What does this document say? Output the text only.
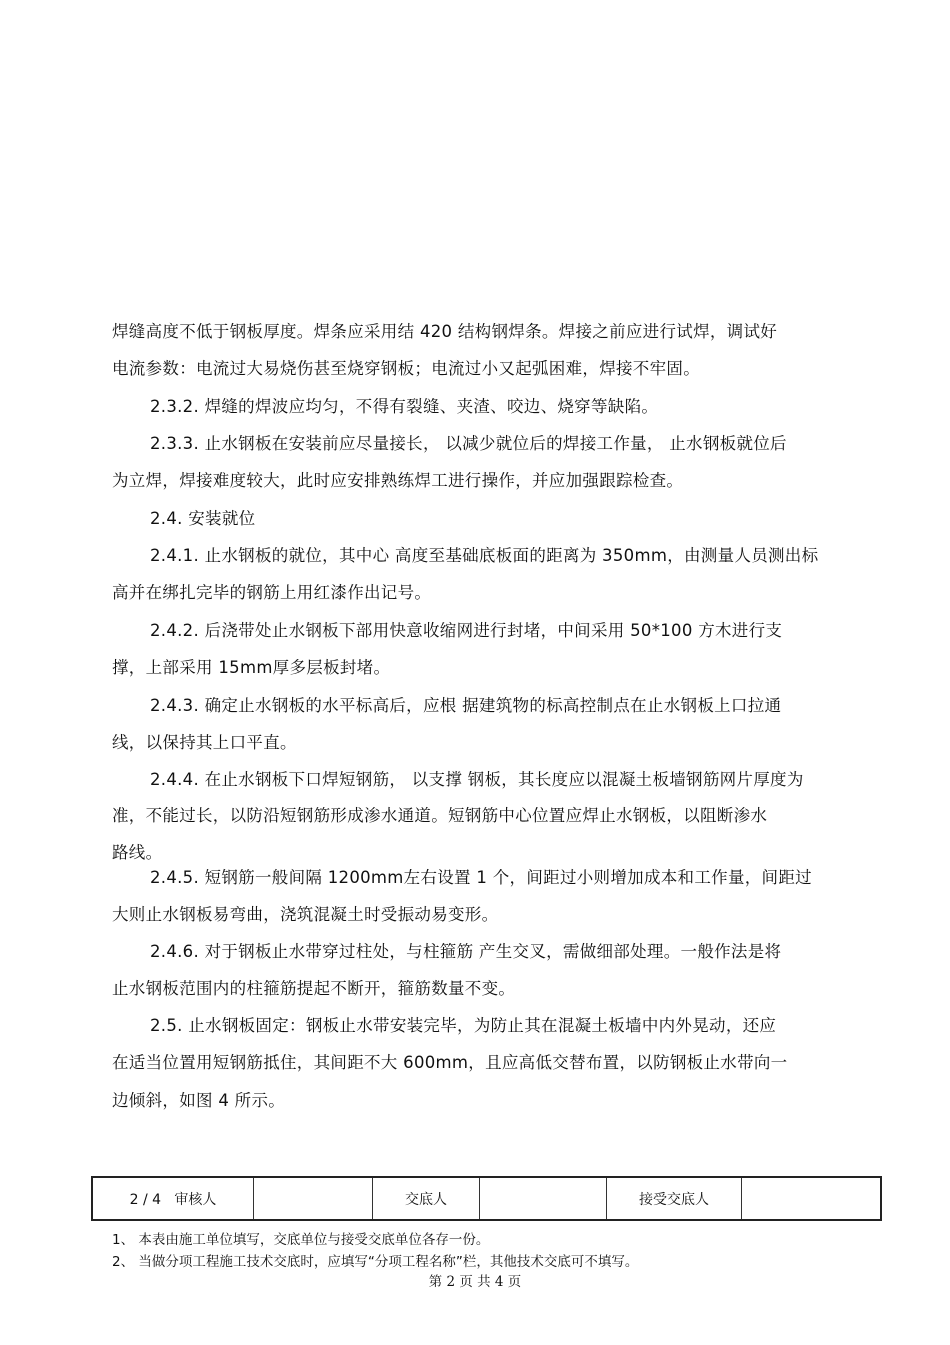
焊缝高度不低于钢板厚度。焊条应采用结 420 结构钢焊条。焊接之前应进行试焊，调试好
电流参数：电流过大易烧伤甚至烧穿钢板；电流过小又起弧困难，焊接不牢固。
2.3.2. 焊缝的焊波应均匀，不得有裂缝、夹渣、咬边、烧穿等缺陷。
2.3.3. 止水钢板在安装前应尽量接长， 以减少就位后的焊接工作量， 止水钢板就位后
为立焊，焊接难度较大，此时应安排熟练焊工进行操作，并应加强跟踪检查。
2.4. 安装就位
2.4.1. 止水钢板的就位，其中心 高度至基础底板面的距离为 350mm，由测量人员测出标
高并在绑扎完毕的钢筋上用红漆作出记号。
2.4.2. 后浇带处止水钢板下部用快意收缩网进行封堵，中间采用 50*100 方木进行支
撑，上部采用 15mm厚多层板封堵。
2.4.3. 确定止水钢板的水平标高后，应根 据建筑物的标高控制点在止水钢板上口拉通
线，以保持其上口平直。
2.4.4. 在止水钢板下口焊短钢筋， 以支撑 钢板，其长度应以混凝土板墙钢筋网片厚度为
准，不能过长，以防沿短钢筋形成渗水通道。短钢筋中心位置应焊止水钢板，以阻断渗水
路线。
2.4.5. 短钢筋一般间隔 1200mm左右设置 1 个，间距过小则增加成本和工作量，间距过
大则止水钢板易弯曲，浇筑混凝土时受振动易变形。
2.4.6. 对于钢板止水带穿过柱处，与柱箍筋 产生交叉，需做细部处理。一般作法是将
止水钢板范围内的柱箍筋提起不断开，箍筋数量不变。
2.5. 止水钢板固定：钢板止水带安装完毕，为防止其在混凝土板墙中内外晃动，还应
在适当位置用短钢筋抵住，其间距不大 600mm，且应高低交替布置，以防钢板止水带向一
边倾斜，如图 4 所示。
2 / 4 审核人		交底人		接受交底人	
1、 本表由施工单位填写，交底单位与接受交底单位各存一份。
2、 当做分项工程施工技术交底时，应填写“分项工程名称”栏，其他技术交底可不填写。
第 2 页 共 4 页
